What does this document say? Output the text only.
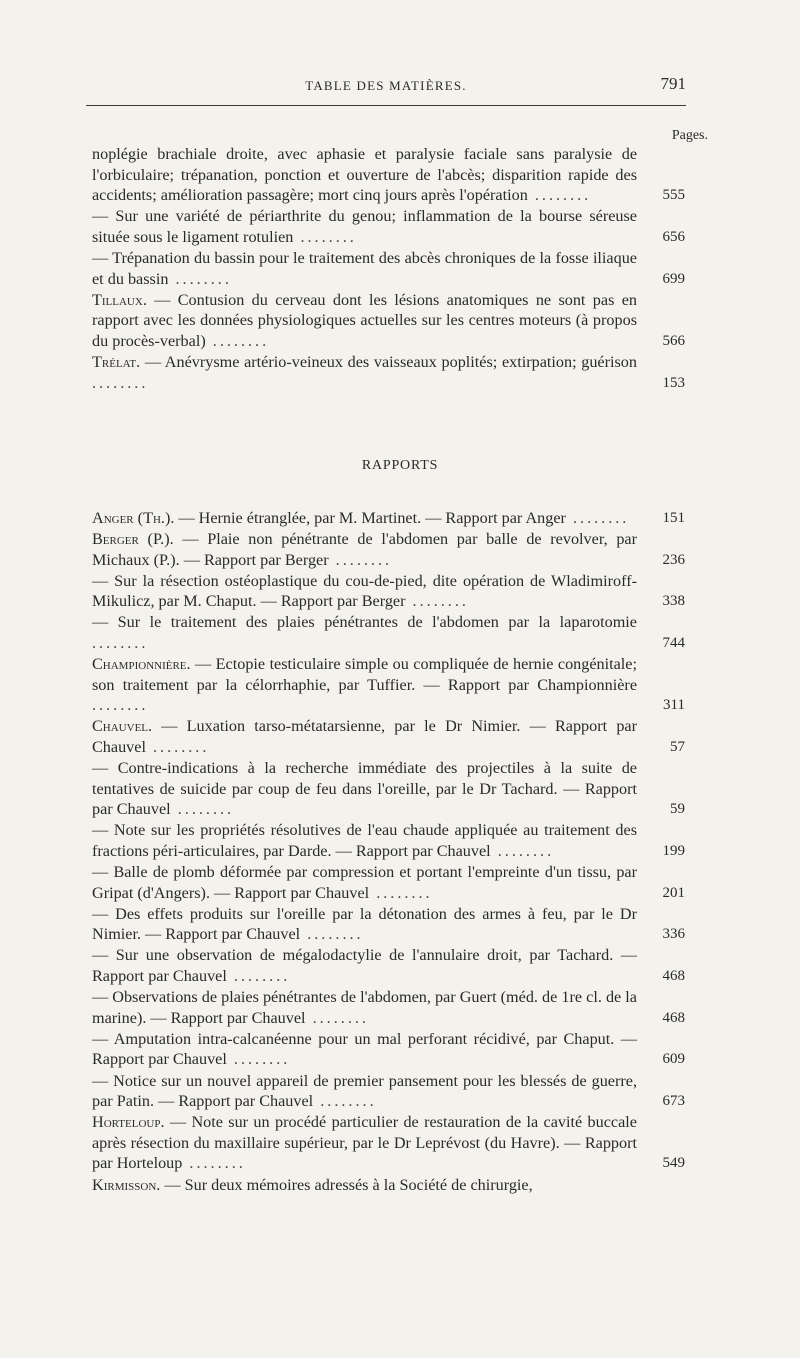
TABLE DES MATIÈRES.	791
Pages.
noplégie brachiale droite, avec aphasie et paralysie faciale sans paralysie de l'orbiculaire; trépanation, ponction et ouverture de l'abcès; disparition rapide des accidents; amélioration passagère; mort cinq jours après l'opération ........	555
— Sur une variété de périarthrite du genou; inflammation de la bourse séreuse située sous le ligament rotulien ........	656
— Trépanation du bassin pour le traitement des abcès chroniques de la fosse iliaque et du bassin ........	699
Tillaux. — Contusion du cerveau dont les lésions anatomiques ne sont pas en rapport avec les données physiologiques actuelles sur les centres moteurs (à propos du procès-verbal) ........	566
Trélat. — Anévrysme artério-veineux des vaisseaux poplités; extirpation; guérison ........	153
RAPPORTS
Anger (Th.). — Hernie étranglée, par M. Martinet. — Rapport par Anger ........	151
Berger (P.). — Plaie non pénétrante de l'abdomen par balle de revolver, par Michaux (P.). — Rapport par Berger ........	236
— Sur la résection ostéoplastique du cou-de-pied, dite opération de Wladimiroff-Mikulicz, par M. Chaput. — Rapport par Berger ........	338
— Sur le traitement des plaies pénétrantes de l'abdomen par la laparotomie ........	744
Championnière. — Ectopie testiculaire simple ou compliquée de hernie congénitale; son traitement par la célorrhaphie, par Tuffier. — Rapport par Championnière ........	311
Chauvel. — Luxation tarso-métatarsienne, par le Dr Nimier. — Rapport par Chauvel ........	57
— Contre-indications à la recherche immédiate des projectiles à la suite de tentatives de suicide par coup de feu dans l'oreille, par le Dr Tachard. — Rapport par Chauvel ........	59
— Note sur les propriétés résolutives de l'eau chaude appliquée au traitement des fractions péri-articulaires, par Darde. — Rapport par Chauvel ........	199
— Balle de plomb déformée par compression et portant l'empreinte d'un tissu, par Gripat (d'Angers). — Rapport par Chauvel ........	201
— Des effets produits sur l'oreille par la détonation des armes à feu, par le Dr Nimier. — Rapport par Chauvel ........	336
— Sur une observation de mégalodactylie de l'annulaire droit, par Tachard. — Rapport par Chauvel ........	468
— Observations de plaies pénétrantes de l'abdomen, par Guert (méd. de 1re cl. de la marine). — Rapport par Chauvel ........	468
— Amputation intra-calcanéenne pour un mal perforant récidivé, par Chaput. — Rapport par Chauvel ........	609
— Notice sur un nouvel appareil de premier pansement pour les blessés de guerre, par Patin. — Rapport par Chauvel ........	673
Horteloup. — Note sur un procédé particulier de restauration de la cavité buccale après résection du maxillaire supérieur, par le Dr Leprévost (du Havre). — Rapport par Horteloup ........	549
Kirmisson. — Sur deux mémoires adressés à la Société de chirurgie,
